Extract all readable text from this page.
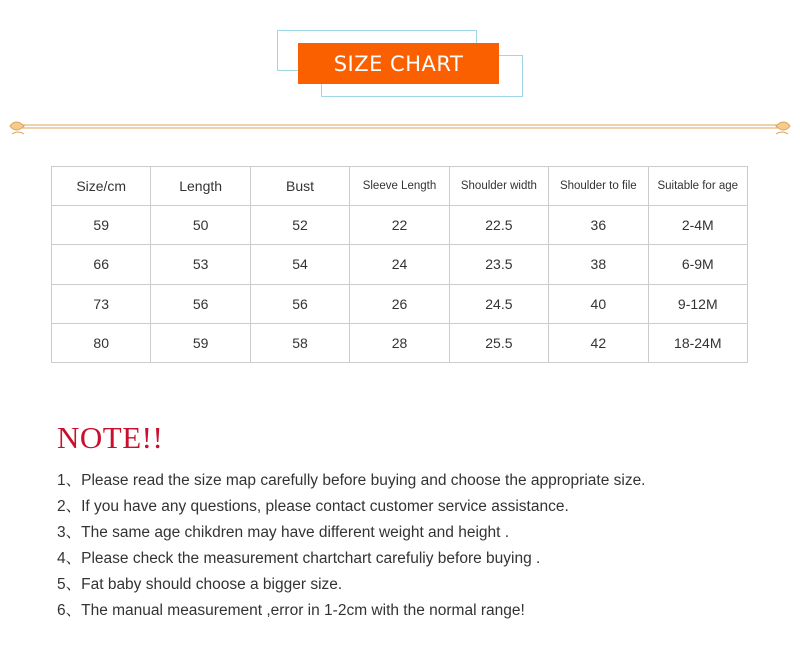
SIZE CHART
Size/cm	Length	Bust	Sleeve Length	Shoulder width	Shoulder to file	Suitable for age
59	50	52	22	22.5	36	2-4M
66	53	54	24	23.5	38	6-9M
73	56	56	26	24.5	40	9-12M
80	59	58	28	25.5	42	18-24M
NOTE!!
1、Please read the size map carefully before buying and choose the appropriate size.
2、If you have any questions, please contact customer service assistance.
3、The same age chikdren may have different weight and height .
4、Please check the measurement chartchart carefuliy before buying .
5、Fat baby should choose a bigger size.
6、The manual measurement ,error in 1-2cm with the normal range!
